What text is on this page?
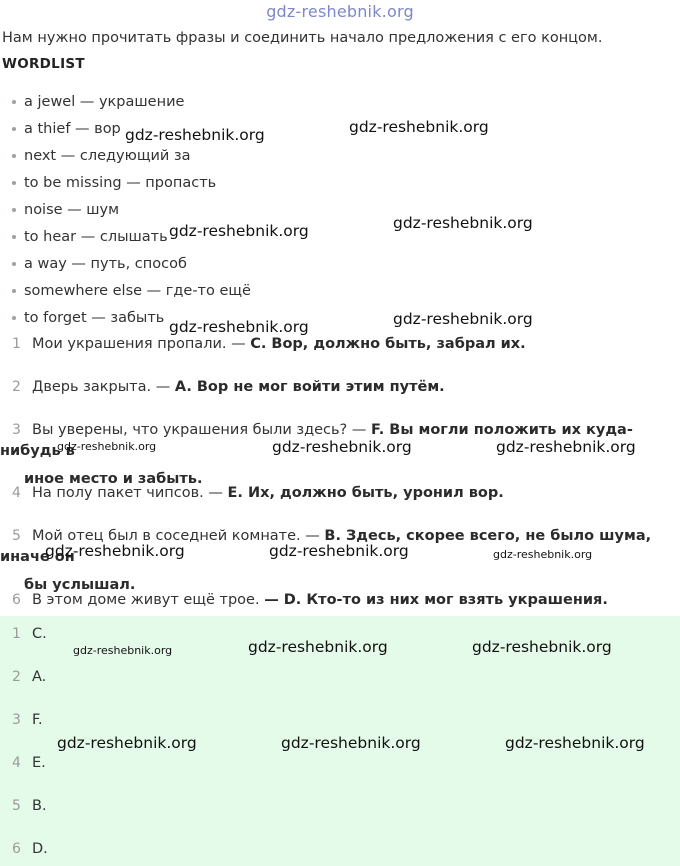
gdz-reshebnik.org
Нам нужно прочитать фразы и соединить начало предложения с его концом.
WORDLIST
a jewel — украшение
a thief — вор
next — следующий за
to be missing — пропасть
noise — шум
to hear — слышать
a way — путь, способ
somewhere else — где-то ещё
to forget — забыть
1 Мои украшения пропали. — C. Вор, должно быть, забрал их.
2 Дверь закрыта. — A. Вор не мог войти этим путём.
3 Вы уверены, что украшения были здесь? — F. Вы могли положить их куда-нибудь в
иное место и забыть.
4 На полу пакет чипсов. — E. Их, должно быть, уронил вор.
5 Мой отец был в соседней комнате. — B. Здесь, скорее всего, не было шума, иначе он
бы услышал.
6 В этом доме живут ещё трое. — D. Кто-то из них мог взять украшения.
1 C.
2 A.
3 F.
4 E.
5 B.
6 D.
gdz-reshebnik.org	gdz-reshebnik.org
gdz-reshebnik.org	gdz-reshebnik.org
gdz-reshebnik.org	gdz-reshebnik.org
gdz-reshebnik.org	gdz-reshebnik.org	gdz-reshebnik.org
gdz-reshebnik.org	gdz-reshebnik.org	gdz-reshebnik.org
gdz-reshebnik.org	gdz-reshebnik.org	gdz-reshebnik.org
gdz-reshebnik.org	gdz-reshebnik.org	gdz-reshebnik.org
